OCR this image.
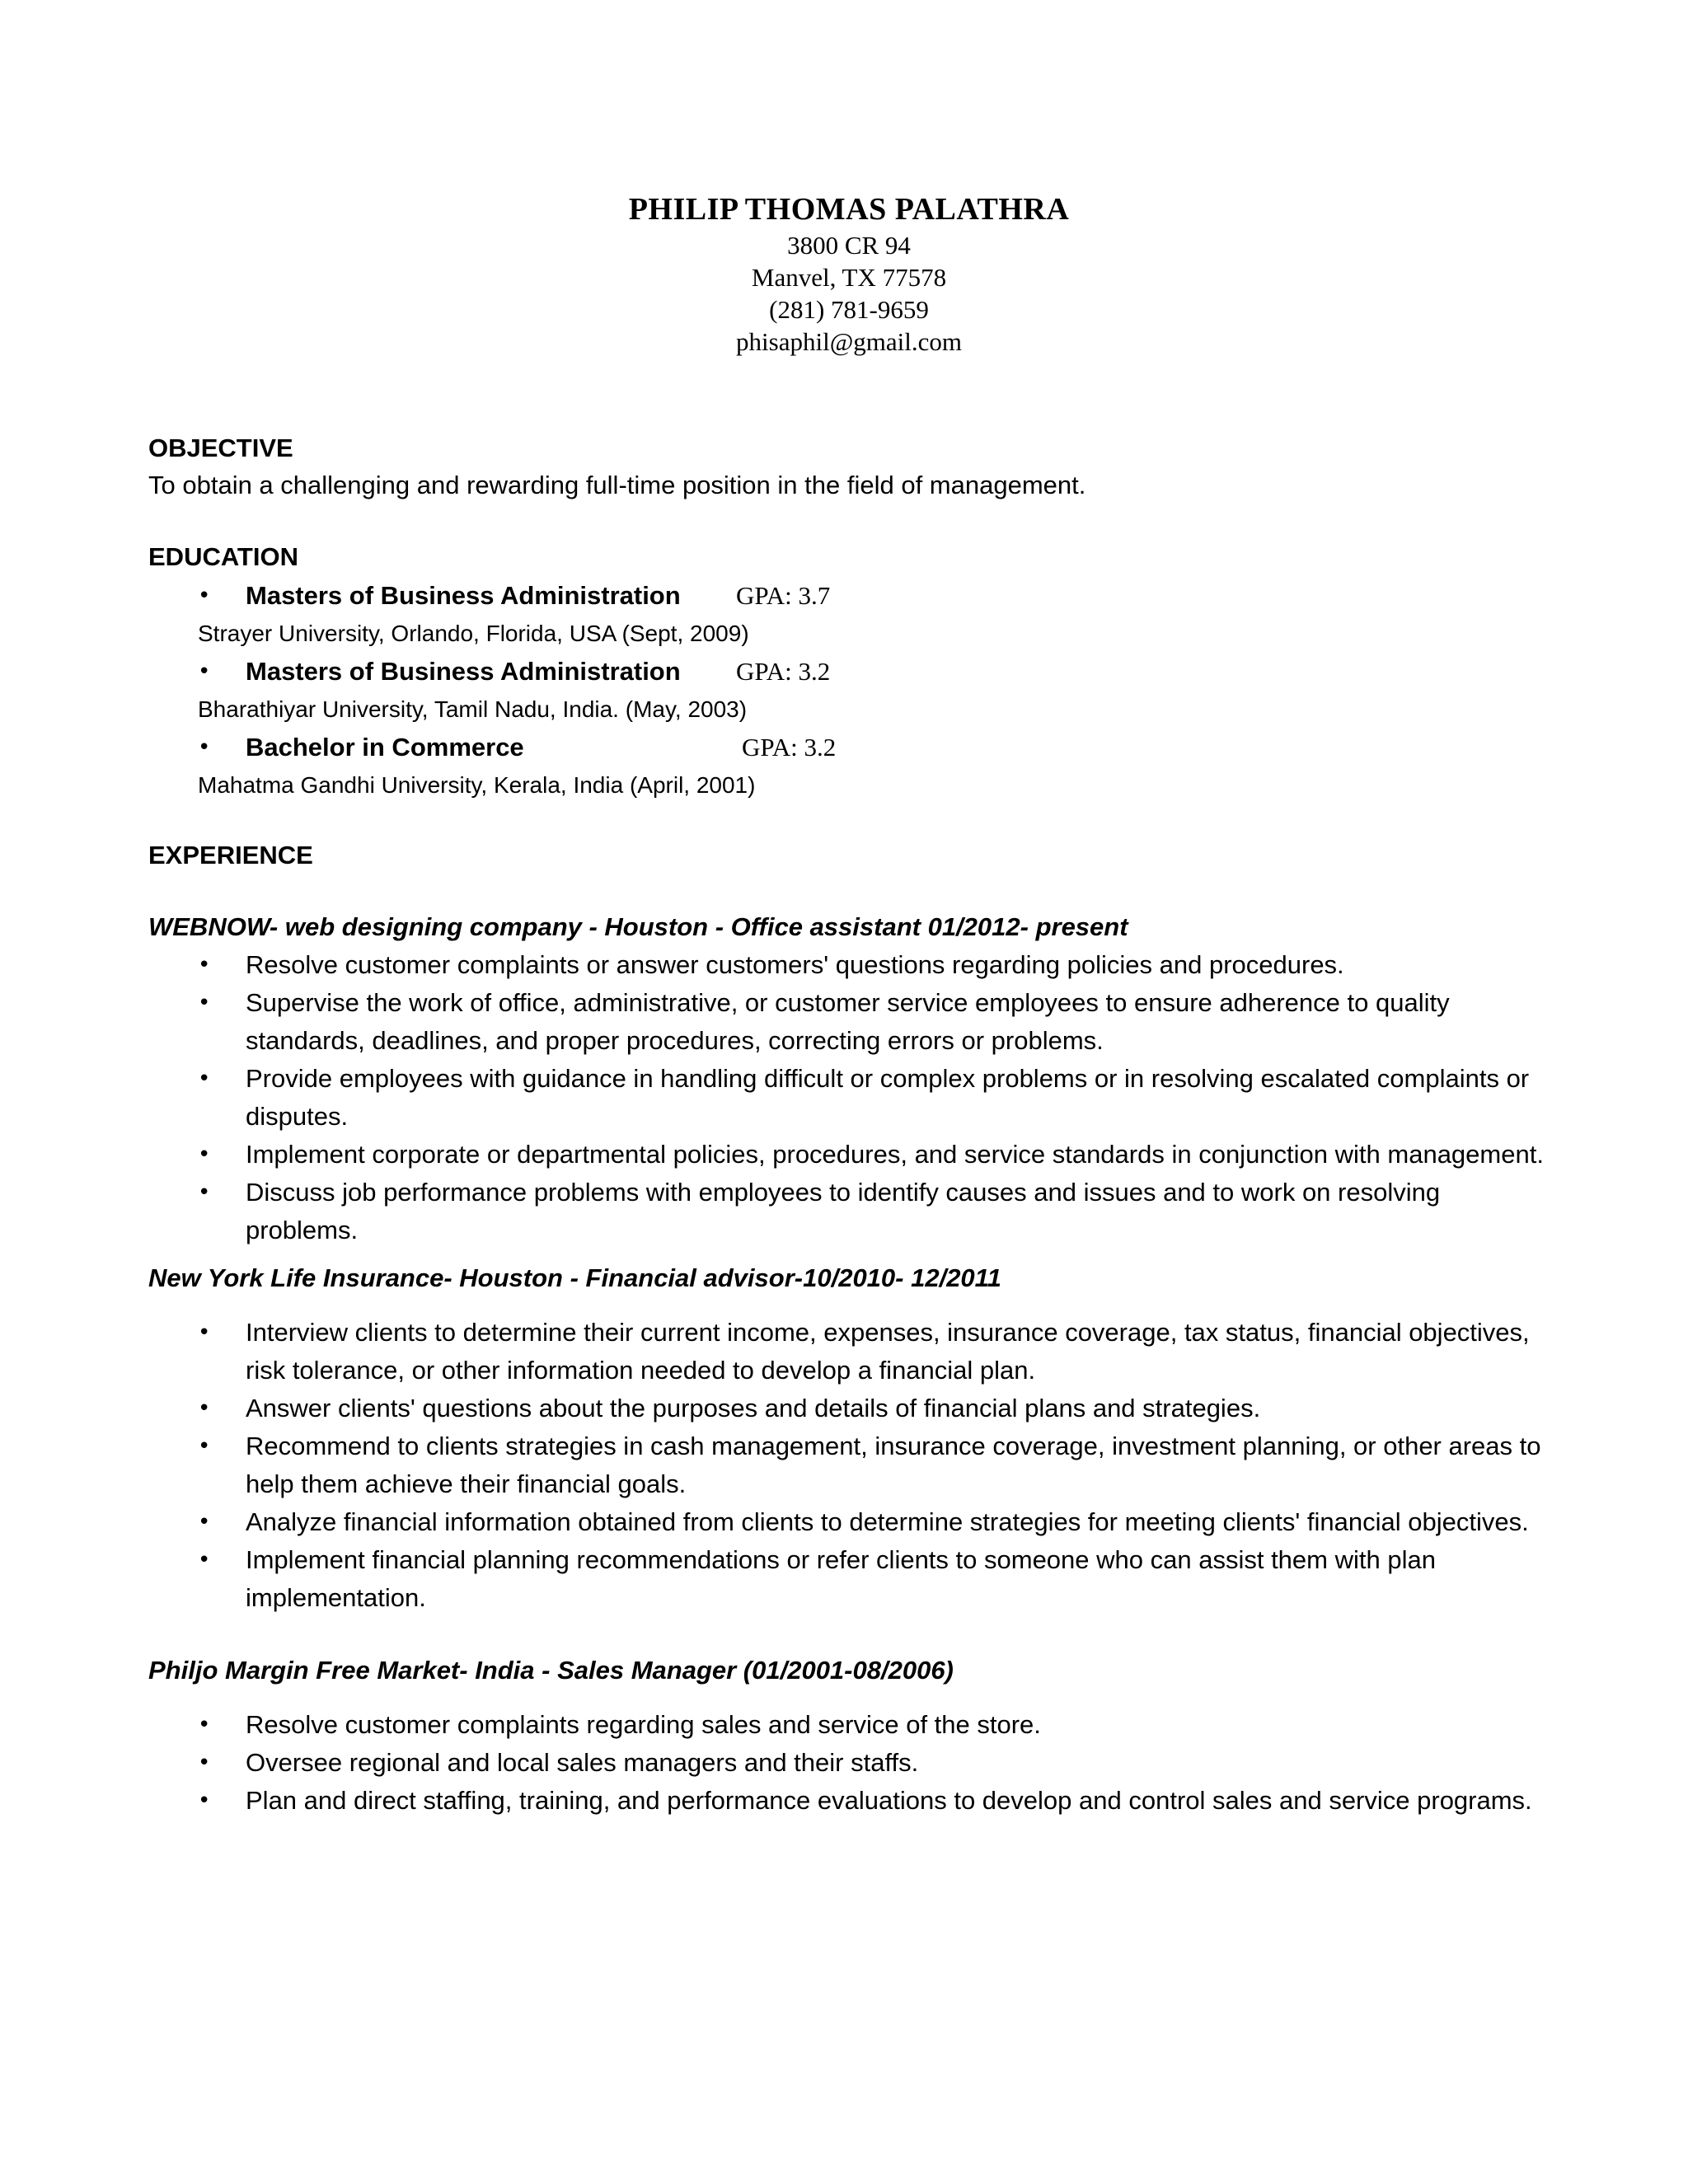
PHILIP THOMAS PALATHRA
3800 CR 94
Manvel, TX 77578
(281) 781-9659
phisaphil@gmail.com
OBJECTIVE
To obtain a challenging and rewarding full-time position in the field of management.
EDUCATION
• Masters of Business Administration GPA: 3.7
Strayer University, Orlando, Florida, USA (Sept, 2009)
• Masters of Business Administration GPA: 3.2
Bharathiyar University, Tamil Nadu, India. (May, 2003)
• Bachelor in Commerce	GPA: 3.2
Mahatma Gandhi University, Kerala, India (April, 2001)
EXPERIENCE
WEBNOW- web designing company - Houston - Office assistant 01/2012- present
• Resolve customer complaints or answer customers' questions regarding policies and procedures.
• Supervise the work of office, administrative, or customer service employees to ensure adherence to quality standards, deadlines, and proper procedures, correcting errors or problems.
• Provide employees with guidance in handling difficult or complex problems or in resolving escalated complaints or disputes.
• Implement corporate or departmental policies, procedures, and service standards in conjunction with management.
• Discuss job performance problems with employees to identify causes and issues and to work on resolving problems.
New York Life Insurance- Houston - Financial advisor-10/2010- 12/2011
• Interview clients to determine their current income, expenses, insurance coverage, tax status, financial objectives, risk tolerance, or other information needed to develop a financial plan.
• Answer clients' questions about the purposes and details of financial plans and strategies.
• Recommend to clients strategies in cash management, insurance coverage, investment planning, or other areas to help them achieve their financial goals.
• Analyze financial information obtained from clients to determine strategies for meeting clients' financial objectives.
• Implement financial planning recommendations or refer clients to someone who can assist them with plan implementation.
Philjo Margin Free Market- India - Sales Manager (01/2001-08/2006)
• Resolve customer complaints regarding sales and service of the store.
• Oversee regional and local sales managers and their staffs.
• Plan and direct staffing, training, and performance evaluations to develop and control sales and service programs.
